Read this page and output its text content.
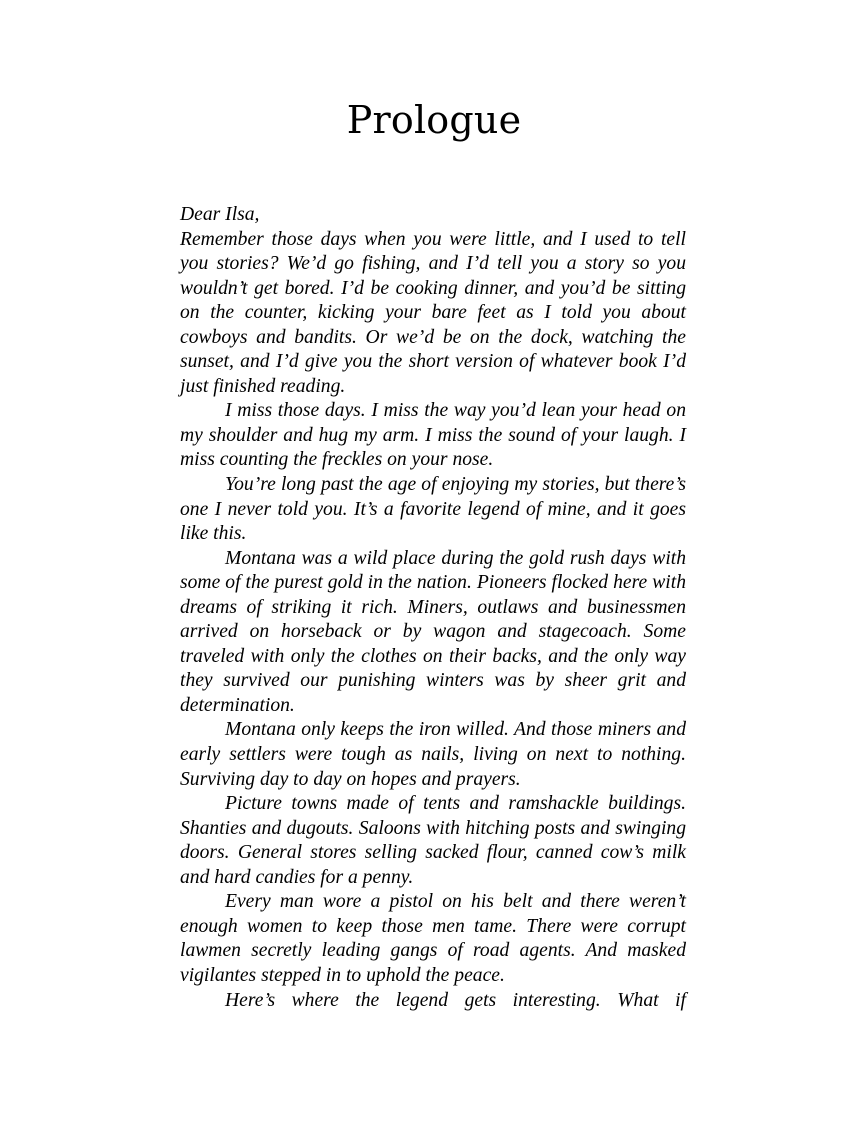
Prologue

Dear Ilsa,

Remember those days when you were little, and I used to tell you stories? We’d go fishing, and I’d tell you a story so you wouldn’t get bored. I’d be cooking dinner, and you’d be sitting on the counter, kicking your bare feet as I told you about cowboys and bandits. Or we’d be on the dock, watching the sunset, and I’d give you the short version of whatever book I’d just finished reading.

I miss those days. I miss the way you’d lean your head on my shoulder and hug my arm. I miss the sound of your laugh. I miss counting the freckles on your nose.

You’re long past the age of enjoying my stories, but there’s one I never told you. It’s a favorite legend of mine, and it goes like this.

Montana was a wild place during the gold rush days with some of the purest gold in the nation. Pioneers flocked here with dreams of striking it rich. Miners, outlaws and businessmen arrived on horseback or by wagon and stagecoach. Some traveled with only the clothes on their backs, and the only way they survived our punishing winters was by sheer grit and determination.

Montana only keeps the iron willed. And those miners and early settlers were tough as nails, living on next to nothing. Surviving day to day on hopes and prayers.

Picture towns made of tents and ramshackle buildings. Shanties and dugouts. Saloons with hitching posts and swinging doors. General stores selling sacked flour, canned cow’s milk and hard candies for a penny.

Every man wore a pistol on his belt and there weren’t enough women to keep those men tame. There were corrupt lawmen secretly leading gangs of road agents. And masked vigilantes stepped in to uphold the peace.

Here’s where the legend gets interesting. What if
